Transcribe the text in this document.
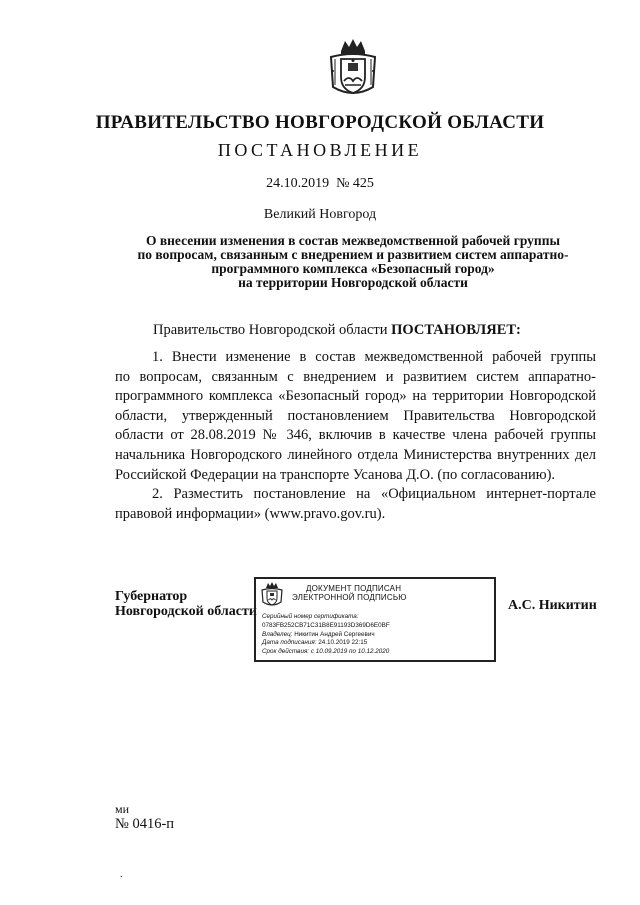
ПРАВИТЕЛЬСТВО НОВГОРОДСКОЙ ОБЛАСТИ
ПОСТАНОВЛЕНИЕ
24.10.2019 № 425
Великий Новгород
О внесении изменения в состав межведомственной рабочей группы
по вопросам, связанным с внедрением и развитием систем аппаратно-
программного комплекса «Безопасный город»
на территории Новгородской области
Правительство Новгородской области ПОСТАНОВЛЯЕТ:
1. Внести изменение в состав межведомственной рабочей группы
по вопросам, связанным с внедрением и развитием систем аппаратно-
программного комплекса «Безопасный город» на территории Новгородской
области, утвержденный постановлением Правительства Новгородской
области от 28.08.2019 № 346, включив в качестве члена рабочей группы
начальника Новгородского линейного отдела Министерства внутренних дел
Российской Федерации на транспорте Усанова Д.О. (по согласованию).
2. Разместить постановление на «Официальном интернет-портале
правовой информации» (www.pravo.gov.ru).
Губернатор
Новгородской области
ДОКУМЕНТ ПОДПИСАН
ЭЛЕКТРОННОЙ ПОДПИСЬЮ
Серийный номер сертификата:
0783FB252CB71C31B8E91193D369D6E0BF
Владелец: Никитин Андрей Сергеевич
Дата подписания: 24.10.2019 22:15
Срок действия: с 10.09.2019 по 10.12.2020
А.С. Никитин
ми
№ 0416-п
.
